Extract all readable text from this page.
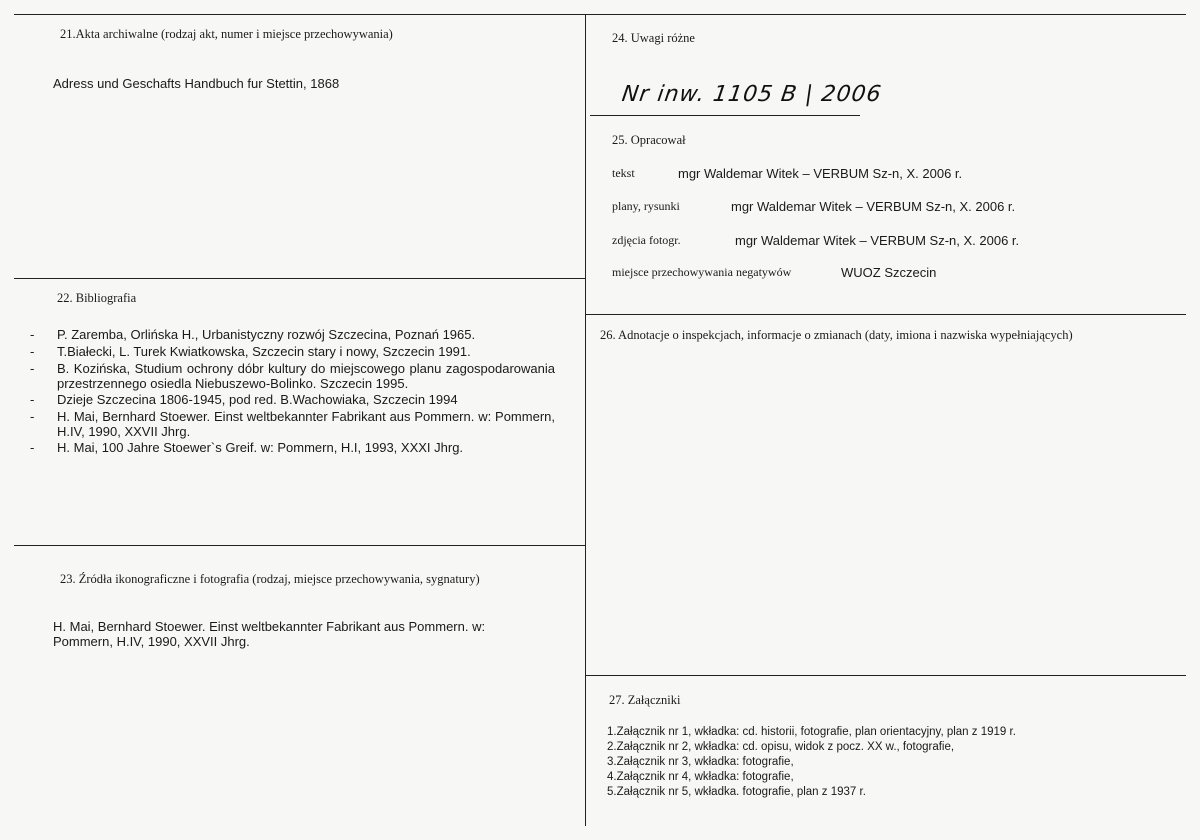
21.Akta archiwalne (rodzaj akt, numer i miejsce przechowywania)
Adress und Geschafts Handbuch fur Stettin, 1868
22. Bibliografia
-	P. Zaremba, Orlińska H., Urbanistyczny rozwój Szczecina, Poznań 1965.
-	T.Białecki, L. Turek Kwiatkowska, Szczecin stary i nowy, Szczecin 1991.
-	B. Kozińska, Studium ochrony dóbr kultury do miejscowego planu zagospodarowania przestrzennego osiedla Niebuszewo-Bolinko. Szczecin 1995.
-	Dzieje Szczecina 1806-1945, pod red. B.Wachowiaka, Szczecin 1994
-	H. Mai, Bernhard Stoewer. Einst weltbekannter Fabrikant aus Pommern. w: Pommern, H.IV, 1990, XXVII Jhrg.
-	H. Mai, 100 Jahre Stoewer`s Greif. w: Pommern, H.I, 1993, XXXI Jhrg.
23. Źródła ikonograficzne i fotografia (rodzaj, miejsce przechowywania, sygnatury)
H. Mai, Bernhard Stoewer. Einst weltbekannter Fabrikant aus Pommern. w:
Pommern, H.IV, 1990, XXVII Jhrg.
24. Uwagi różne
Nr inw. 1105 B | 2006
25. Opracował
tekst	mgr Waldemar Witek – VERBUM Sz-n, X. 2006 r.
plany, rysunki	mgr Waldemar Witek – VERBUM Sz-n, X. 2006 r.
zdjęcia fotogr.	mgr Waldemar Witek – VERBUM Sz-n, X. 2006 r.
miejsce przechowywania negatywów	WUOZ Szczecin
26. Adnotacje o inspekcjach, informacje o zmianach (daty, imiona i nazwiska wypełniających)
27. Załączniki
1.Załącznik nr 1, wkładka: cd. historii, fotografie, plan orientacyjny, plan z 1919 r.
2.Załącznik nr 2, wkładka: cd. opisu, widok z pocz. XX w., fotografie,
3.Załącznik nr 3, wkładka: fotografie,
4.Załącznik nr 4, wkładka: fotografie,
5.Załącznik nr 5, wkładka. fotografie, plan z 1937 r.
